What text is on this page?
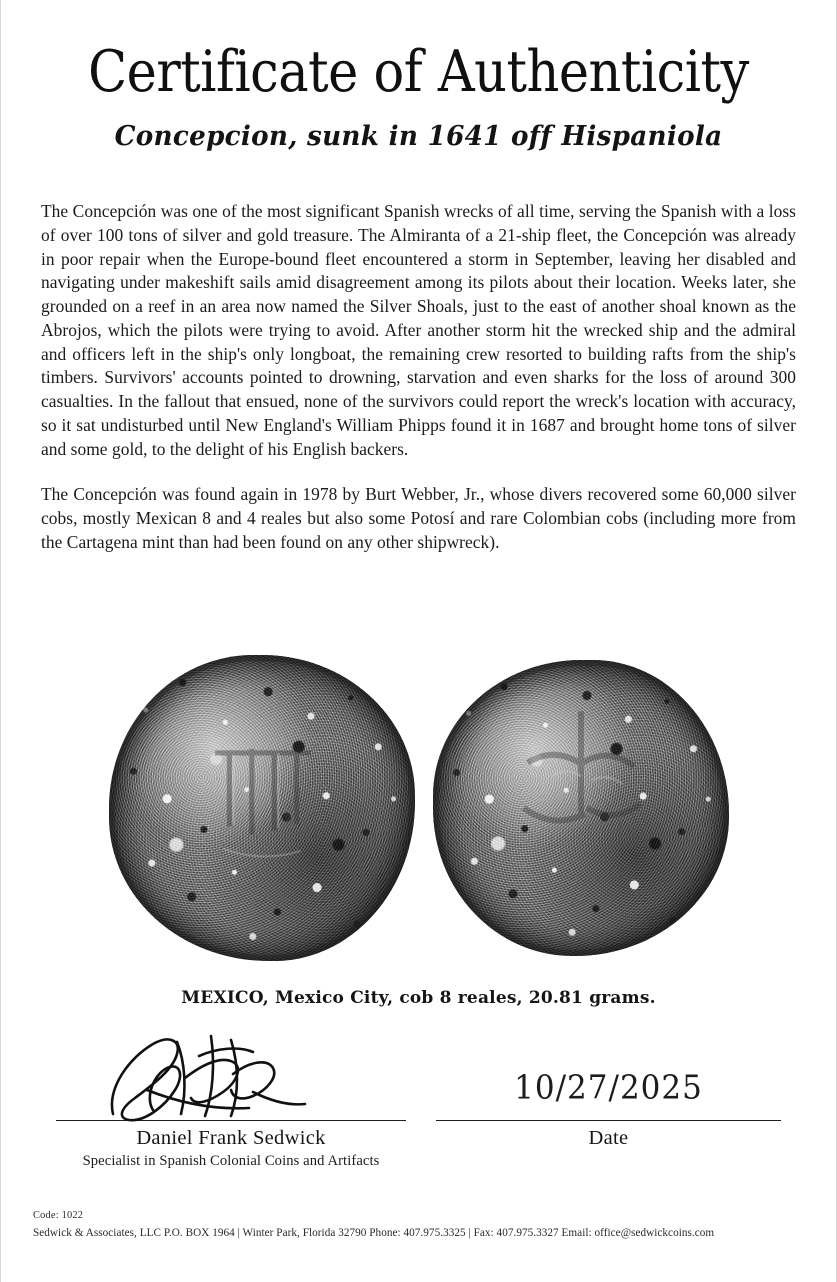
Certificate of Authenticity
Concepcion, sunk in 1641 off Hispaniola

The Concepción was one of the most significant Spanish wrecks of all time, serving the Spanish with a loss of over 100 tons of silver and gold treasure. The Almiranta of a 21-ship fleet, the Concepción was already in poor repair when the Europe-bound fleet encountered a storm in September, leaving her disabled and navigating under makeshift sails amid disagreement among its pilots about their location. Weeks later, she grounded on a reef in an area now named the Silver Shoals, just to the east of another shoal known as the Abrojos, which the pilots were trying to avoid. After another storm hit the wrecked ship and the admiral and officers left in the ship's only longboat, the remaining crew resorted to building rafts from the ship's timbers. Survivors' accounts pointed to drowning, starvation and even sharks for the loss of around 300 casualties. In the fallout that ensued, none of the survivors could report the wreck's location with accuracy, so it sat undisturbed until New England's William Phipps found it in 1687 and brought home tons of silver and some gold, to the delight of his English backers.

The Concepción was found again in 1978 by Burt Webber, Jr., whose divers recovered some 60,000 silver cobs, mostly Mexican 8 and 4 reales but also some Potosí and rare Colombian cobs (including more from the Cartagena mint than had been found on any other shipwreck).

MEXICO, Mexico City, cob 8 reales, 20.81 grams.
Daniel Frank Sedwick
Specialist in Spanish Colonial Coins and Artifacts
10/27/2025
Date
Code: 1022
Sedwick & Associates, LLC P.O. BOX 1964 | Winter Park, Florida 32790 Phone: 407.975.3325 | Fax: 407.975.3327 Email: office@sedwickcoins.com
